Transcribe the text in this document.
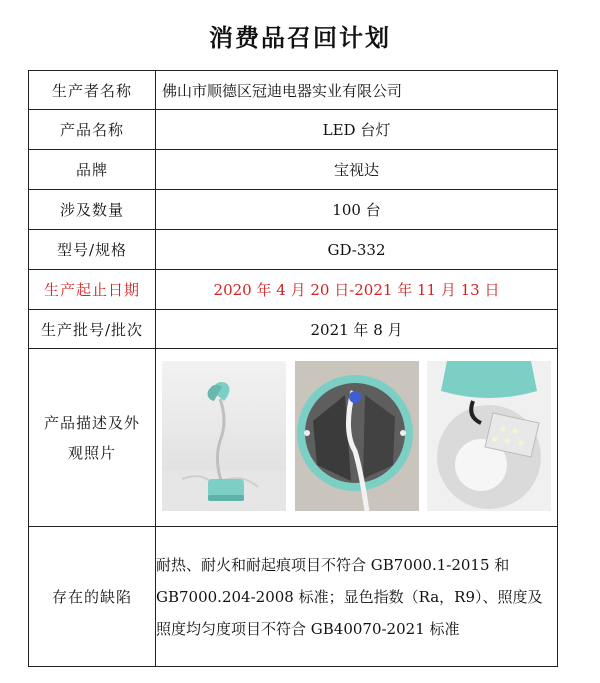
消费品召回计划
生产者名称	佛山市顺德区冠迪电器实业有限公司
产品名称	LED 台灯
品牌	宝视达
涉及数量	100 台
型号/规格	GD-332
生产起止日期	2020 年 4 月 20 日-2021 年 11 月 13 日
生产批号/批次	2021 年 8 月
产品描述及外观照片	

存在的缺陷	耐热、耐火和耐起痕项目不符合 GB7000.1-2015 和 GB7000.204-2008 标准；显色指数（Ra，R9）、照度及照度均匀度项目不符合 GB40070-2021 标准
